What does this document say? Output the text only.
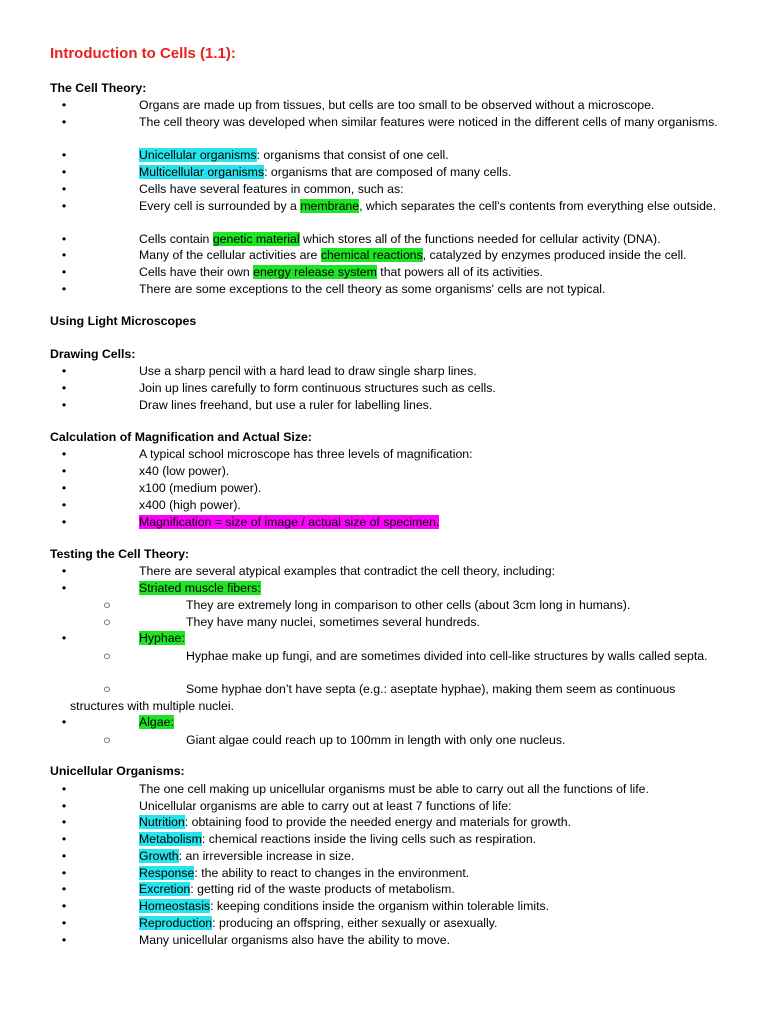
Introduction to Cells (1.1):
The Cell Theory:
•	Organs are made up from tissues, but cells are too small to be observed without a microscope.
•	The cell theory was developed when similar features were noticed in the different cells of many organisms.
•	Unicellular organisms: organisms that consist of one cell.
•	Multicellular organisms: organisms that are composed of many cells.
•	Cells have several features in common, such as:
•	Every cell is surrounded by a membrane, which separates the cell's contents from everything else outside.
•	Cells contain genetic material which stores all of the functions needed for cellular activity (DNA).
•	Many of the cellular activities are chemical reactions, catalyzed by enzymes produced inside the cell.
•	Cells have their own energy release system that powers all of its activities.
•	There are some exceptions to the cell theory as some organisms' cells are not typical.
Using Light Microscopes
Drawing Cells:
•	Use a sharp pencil with a hard lead to draw single sharp lines.
•	Join up lines carefully to form continuous structures such as cells.
•	Draw lines freehand, but use a ruler for labelling lines.
Calculation of Magnification and Actual Size:
•	A typical school microscope has three levels of magnification:
•	x40 (low power).
•	x100 (medium power).
•	x400 (high power).
•	Magnification = size of image / actual size of specimen.
Testing the Cell Theory:
•	There are several atypical examples that contradict the cell theory, including:
•	Striated muscle fibers:
○	They are extremely long in comparison to other cells (about 3cm long in humans).
○	They have many nuclei, sometimes several hundreds.
•	Hyphae:
○	Hyphae make up fungi, and are sometimes divided into cell-like structures by walls called septa.
○	Some hyphae don’t have septa (e.g.: aseptate hyphae), making them seem as continuous structures with multiple nuclei.
•	Algae:
○	Giant algae could reach up to 100mm in length with only one nucleus.
Unicellular Organisms:
•	The one cell making up unicellular organisms must be able to carry out all the functions of life.
•	Unicellular organisms are able to carry out at least 7 functions of life:
•	Nutrition: obtaining food to provide the needed energy and materials for growth.
•	Metabolism: chemical reactions inside the living cells such as respiration.
•	Growth: an irreversible increase in size.
•	Response: the ability to react to changes in the environment.
•	Excretion: getting rid of the waste products of metabolism.
•	Homeostasis: keeping conditions inside the organism within tolerable limits.
•	Reproduction: producing an offspring, either sexually or asexually.
•	Many unicellular organisms also have the ability to move.
